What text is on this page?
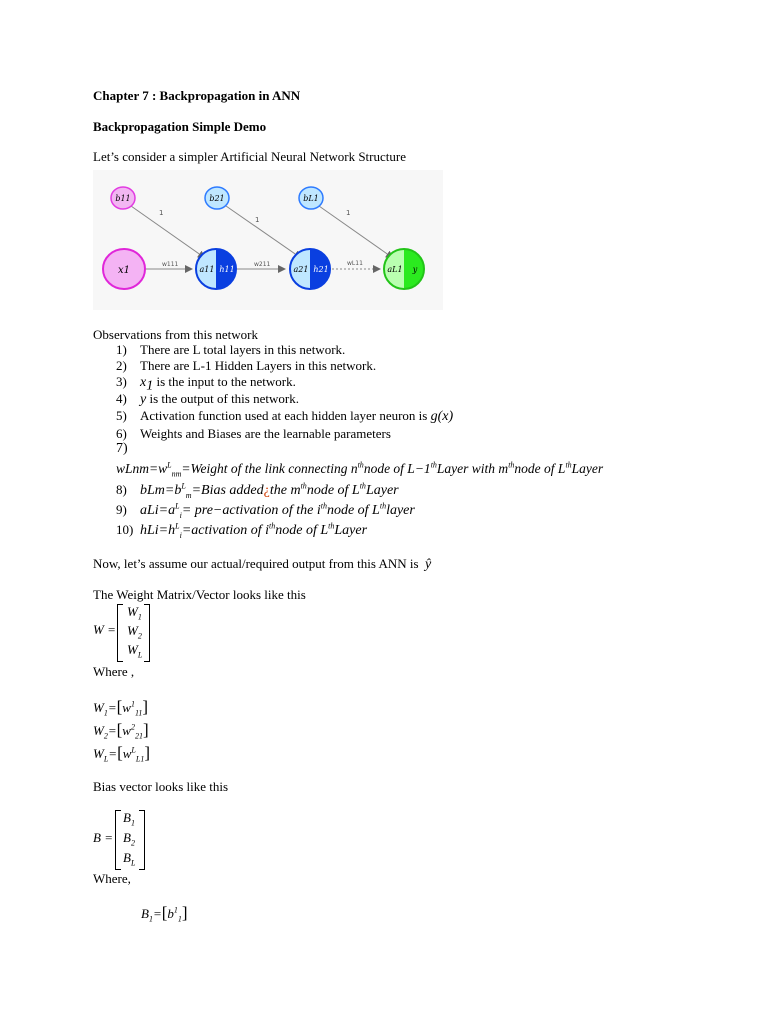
Chapter 7 : Backpropagation in ANN
Backpropagation Simple Demo
Let’s consider a simpler Artificial Neural Network Structure
1
1
1
w111	w211	wL11
b11	b21	bL1
x1	a11 h11	a21 h21	aL1 y
Observations from this network
1) There are L total layers in this network.
2) There are L-1 Hidden Layers in this network.
3) $x_1$ is the input to the network.
4) y is the output of this network.
5) Activation function used at each hidden layer neuron is g(x)
6) Weights and Biases are the learnable parameters
7)
$wLnm=w^L_{nm}=Weight$ of the link connecting $n^{th}node$ of L−1thLayer with $m^{th}node$ of LthLayer
8) $bLm=b^L_m=Bias$ added¿the $m^{th}node$ of LthLayer
9) $aLi=a^L_i=$ pre−activation of the $i^{th}node$ of Lthlayer
10) $hLi=h^L_i=activation$ of $i^{th}node$ of LthLayer
Now, let’s assume our actual/required output from this ANN is ŷ
The Weight Matrix/Vector looks like this
W =
$W_1$
$W_2$
$W_L$
Where ,
$W_1=[w^1_{11}]$
$W_2=[w^2_{21}]$
$W_L=[w^L_{L1}]$
Bias vector looks like this
B =
$B_1$
$B_2$
$B_L$
Where,
$B_1=[b^1_1]$
